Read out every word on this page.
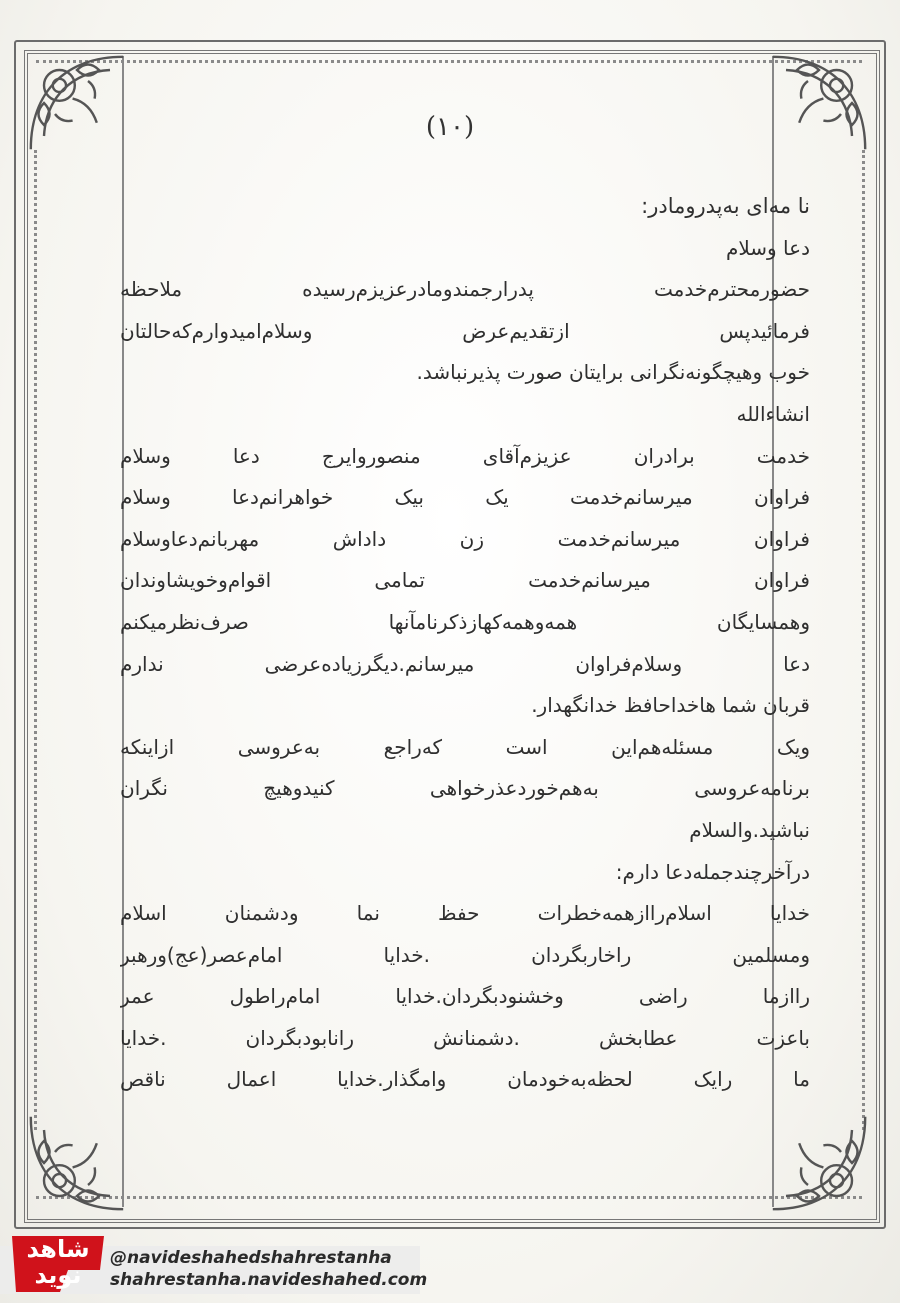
(۱۰)
نا مه‌ای به‌پدرومادر:
دعا وسلام
حضورمحترم‌خدمت پدرارجمندومادرعزیزم‌رسیده ملاحظه
فرمائیدپس ازتقدیم‌عرض وسلام‌امیدوارم‌که‌حالتان
خوب وهیچگونه‌نگرانی برایتان صورت پذیرنباشد.
انشاءالله
خدمت برادران عزیزم‌آقای منصوروایرج دعا وسلام
فراوان میرسانم‌خدمت یک بیک خواهرانم‌دعا وسلام
فراوان میرسانم‌خدمت زن داداش مهربانم‌دعاوسلام
فراوان میرسانم‌خدمت تمامی اقوام‌وخویشاوندان
وهمسایگان همه‌وهمه‌کهازذکرنامآنها صرف‌نظرمیکنم
دعا وسلام‌فراوان میرسانم.دیگرزیاده‌عرضی ندارم
قربان شما هاخداحافظ خدانگهدار.
ویک مسئله‌هم‌این است که‌راجع به‌عروسی ازاینکه
برنامه‌عروسی به‌هم‌خوردعذرخواهی کنیدوهیچ نگران
نباشید.والسلام
درآخرچندجمله‌دعا دارم:
خدایا اسلام‌راازهمه‌خطرات حفظ نما ودشمنان اسلام
ومسلمین راخاربگردان .خدایا امام‌عصر(عج)ورهبر
راازما راضی وخشنودبگردان.خدایا امام‌راطول عمر
باعزت عطابخش .دشمنانش رانابودبگردان .خدایا
ما رایک لحظه‌به‌خودمان وامگذار.خدایا اعمال ناقص
شاهد نوید
@navideshahedshahrestanha
shahrestanha.navideshahed.com
